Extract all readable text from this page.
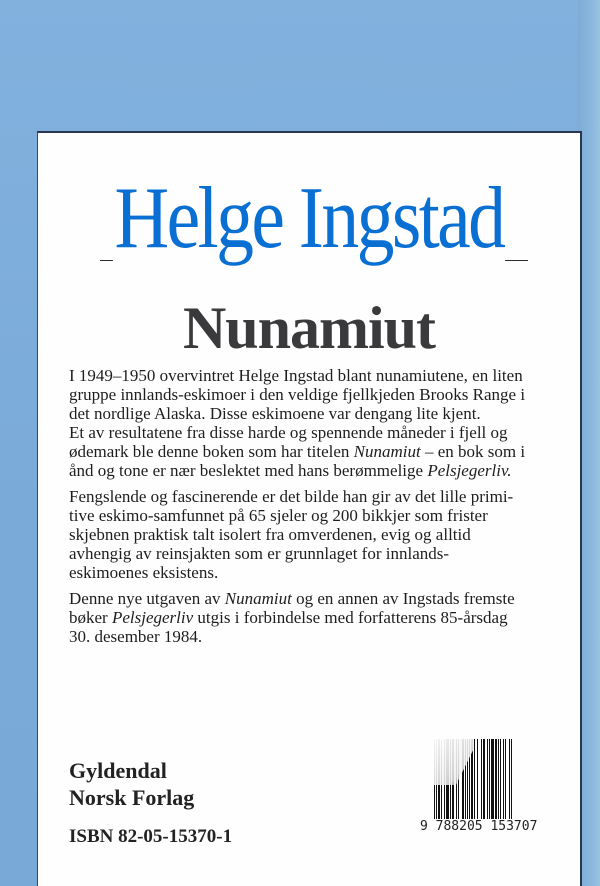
Helge Ingstad
Nunamiut

I 1949–1950 overvintret Helge Ingstad blant nunamiutene, en liten
gruppe innlands-eskimoer i den veldige fjellkjeden Brooks Range i
det nordlige Alaska. Disse eskimoene var dengang lite kjent.
Et av resultatene fra disse harde og spennende måneder i fjell og
ødemark ble denne boken som har titelen Nunamiut – en bok som i
ånd og tone er nær beslektet med hans berømmelige Pelsjegerliv.

Fengslende og fascinerende er det bilde han gir av det lille primi-
tive eskimo-samfunnet på 65 sjeler og 200 bikkjer som frister
skjebnen praktisk talt isolert fra omverdenen, evig og alltid
avhengig av reinsjakten som er grunnlaget for innlands-
eskimoenes eksistens.

Denne nye utgaven av Nunamiut og en annen av Ingstads fremste
bøker Pelsjegerliv utgis i forbindelse med forfatterens 85-årsdag
30. desember 1984.

Gyldendal
Norsk Forlag
ISBN 82-05-15370-1	9 788205 153707
